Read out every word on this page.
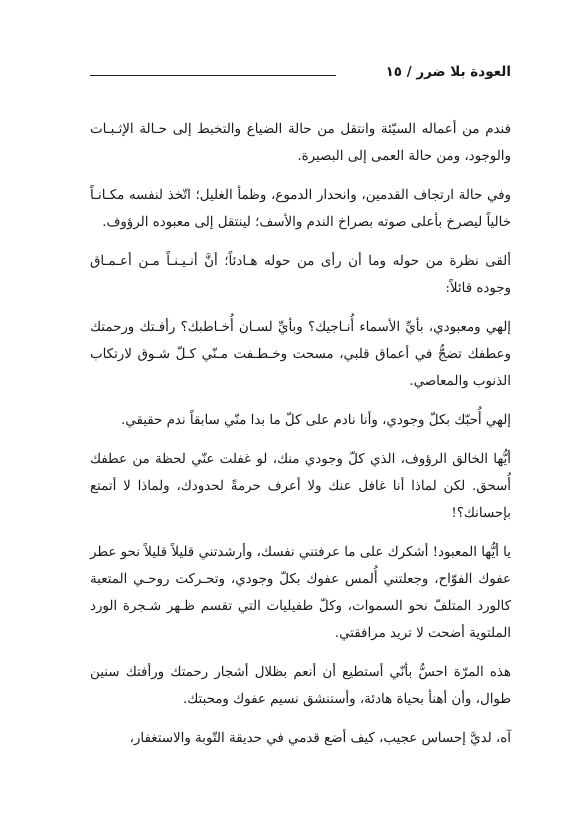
العودة بلا ضرر / ١٥

فندم من أعماله السيّئة وانتقل من حالة الضياع والتخبط إلى حـالة الإثـبـات والوجود، ومن حالة العمى إلى البصيرة.

وفي حالة ارتجاف القدمين، وانحدار الدموع، وظمأ الغليل؛ اتّخذ لنفسه مكـانـاً خالياً ليصرخ بأعلى صوته بصراخ الندم والأسف؛ لينتقل إلى معبوده الرؤوف.

ألقى نظرة من حوله وما أن رأى من حوله هـادئاً؛ أنَّ أنـيـنـاً مـن أعـمـاق وجوده قائلاً:

إلهي ومعبودي، بأيِّ الأسماء أُنـاجيك؟ وبأيِّ لسـان أُخـاطبك؟ رأفـتك ورحمتك وعطفك تضجُّ في أعماق قلبي، مسحت وخـطـفت مـنّي كـلّ شـوق لارتكاب الذنوب والمعاصي.

إلهي أُحبّك بكلّ وجودي، وأنا نادم على كلّ ما بدا منّي سابقاً ندم حقيقي.

أيُّها الخالق الرؤوف، الذي كلّ وجودي منك، لو غفلت عنّي لحظة من عطفك أُسحق. لكن لماذا أنا غافل عنك ولا أعرف حرمةً لحدودك، ولماذا لا أتمتع بإحسانك؟!

يا أيُّها المعبود! أشكرك على ما عرفتني نفسك، وأرشدتني قليلاً قليلاً نحو عطر عفوك الفوّاح، وجعلتني أُلمس عفوك بكلّ وجودي، وتحـركت روحـي المتعبة كالورد المتلفّ نحو السموات، وكلّ طفيليات التي تقسم ظـهر شـجرة الورد الملتوية أضحت لا تريد مرافقتي.

هذه المرّة احسُّ بأنّي أستطيع أن أنعم بظلال أشجار رحمتك ورأفتك سنين طوال، وأن أهنأ بحياة هادئة، وأستنشق نسيم عفوك ومحبتك.

آه، لديَّ إحساس عجيب، كيف أضع قدمي في حديقة التّوبة والاستغفار،
